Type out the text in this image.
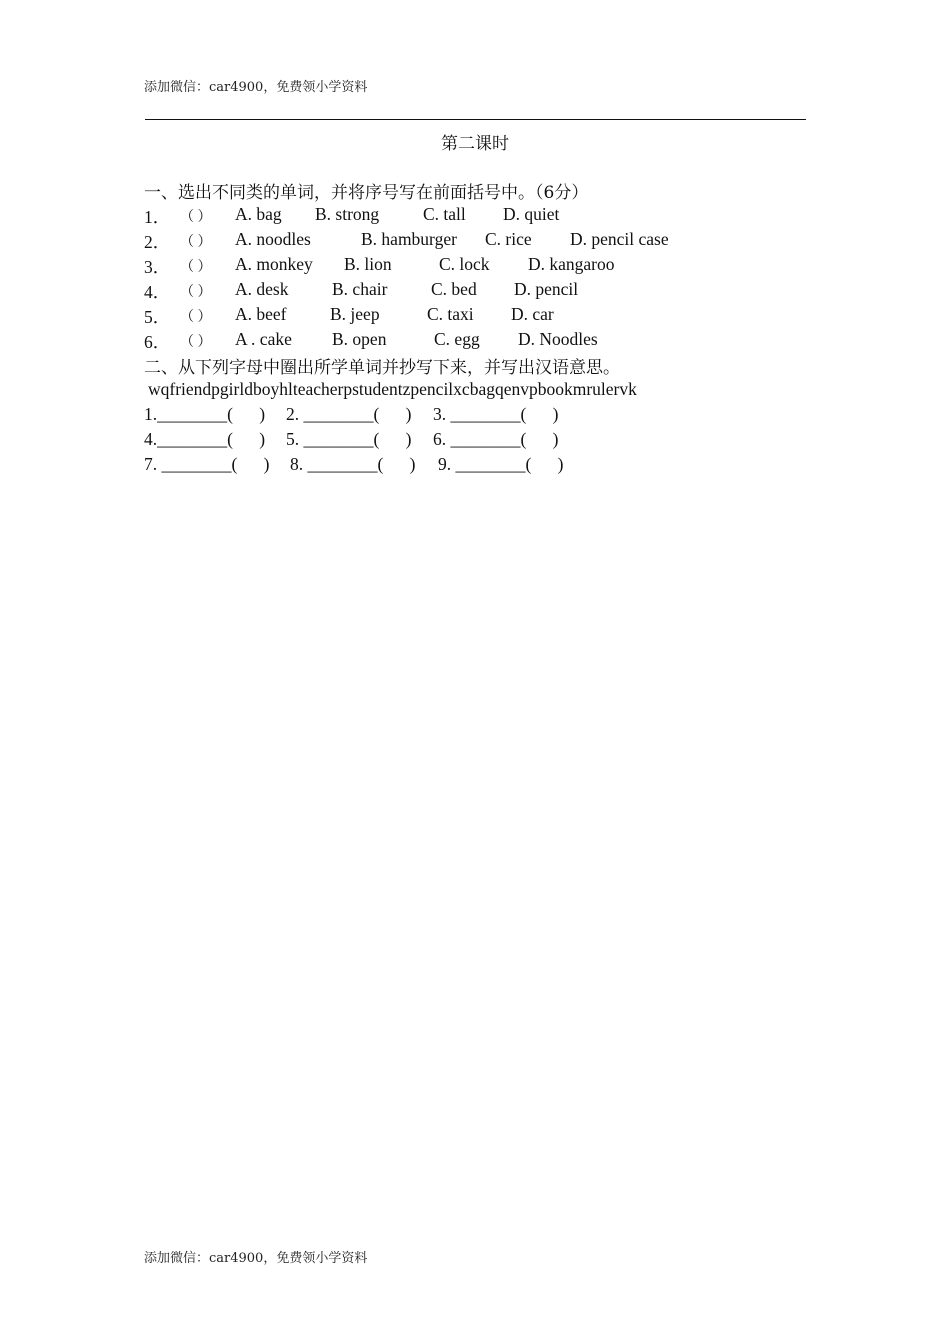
添加微信：car4900，免费领小学资料
第二课时
一、选出不同类的单词，并将序号写在前面括号中。（6分）
1． （ ） A. bag B. strong	C. tall D. quiet
2． （ ） A. noodles	B. hamburger C. rice D. pencil case
3． （ ） A. monkey B. lion	C. lock D. kangaroo
4． （ ） A. desk B. chair C. bed D. pencil
5． （ ） A. beef B. jeep	C. taxi D. car
6． （ ） A . cake B. open	C. egg D. Noodles
二、从下列字母中圈出所学单词并抄写下来，并写出汉语意思。
wqfriendpgirldboyhlteacherpstudentzpencilxcbagqenvpbookmrulervk
1.________(      ) 2. ________(      ) 3. ________(      )
4.________(      ) 5. ________(      ) 6. ________(      )
7. ________(      ) 8. ________(      ) 9. ________(      )
添加微信：car4900，免费领小学资料
